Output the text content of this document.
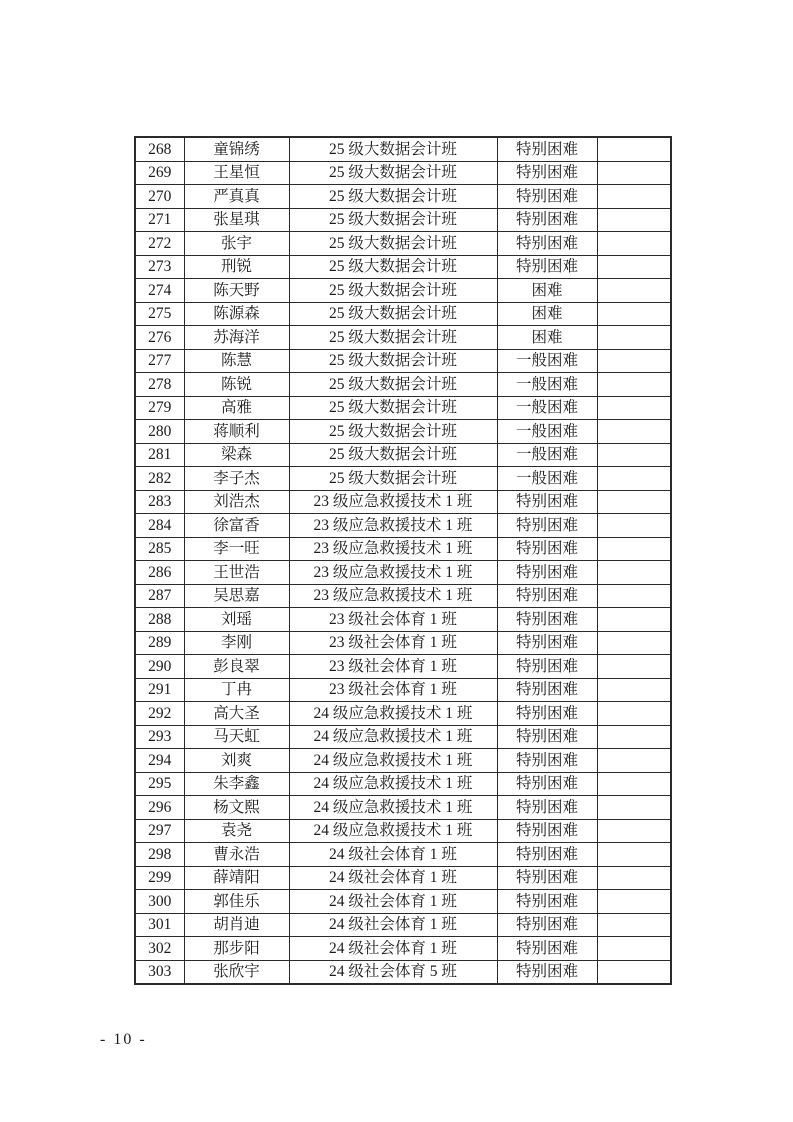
268	童锦绣	25 级大数据会计班	特别困难	
269	王星恒	25 级大数据会计班	特别困难	
270	严真真	25 级大数据会计班	特别困难	
271	张星琪	25 级大数据会计班	特别困难	
272	张宇	25 级大数据会计班	特别困难	
273	刑锐	25 级大数据会计班	特别困难	
274	陈天野	25 级大数据会计班	困难	
275	陈源森	25 级大数据会计班	困难	
276	苏海洋	25 级大数据会计班	困难	
277	陈慧	25 级大数据会计班	一般困难	
278	陈锐	25 级大数据会计班	一般困难	
279	高雅	25 级大数据会计班	一般困难	
280	蒋顺利	25 级大数据会计班	一般困难	
281	梁森	25 级大数据会计班	一般困难	
282	李子杰	25 级大数据会计班	一般困难	
283	刘浩杰	23 级应急救援技术 1 班	特别困难	
284	徐富香	23 级应急救援技术 1 班	特别困难	
285	李一旺	23 级应急救援技术 1 班	特别困难	
286	王世浩	23 级应急救援技术 1 班	特别困难	
287	吴思嘉	23 级应急救援技术 1 班	特别困难	
288	刘瑶	23 级社会体育 1 班	特别困难	
289	李刚	23 级社会体育 1 班	特别困难	
290	彭良翠	23 级社会体育 1 班	特别困难	
291	丁冉	23 级社会体育 1 班	特别困难	
292	高大圣	24 级应急救援技术 1 班	特别困难	
293	马天虹	24 级应急救援技术 1 班	特别困难	
294	刘爽	24 级应急救援技术 1 班	特别困难	
295	朱李鑫	24 级应急救援技术 1 班	特别困难	
296	杨文熙	24 级应急救援技术 1 班	特别困难	
297	袁尧	24 级应急救援技术 1 班	特别困难	
298	曹永浩	24 级社会体育 1 班	特别困难	
299	薛靖阳	24 级社会体育 1 班	特别困难	
300	郭佳乐	24 级社会体育 1 班	特别困难	
301	胡肖迪	24 级社会体育 1 班	特别困难	
302	那步阳	24 级社会体育 1 班	特别困难	
303	张欣宇	24 级社会体育 5 班	特别困难	
- 10 -
